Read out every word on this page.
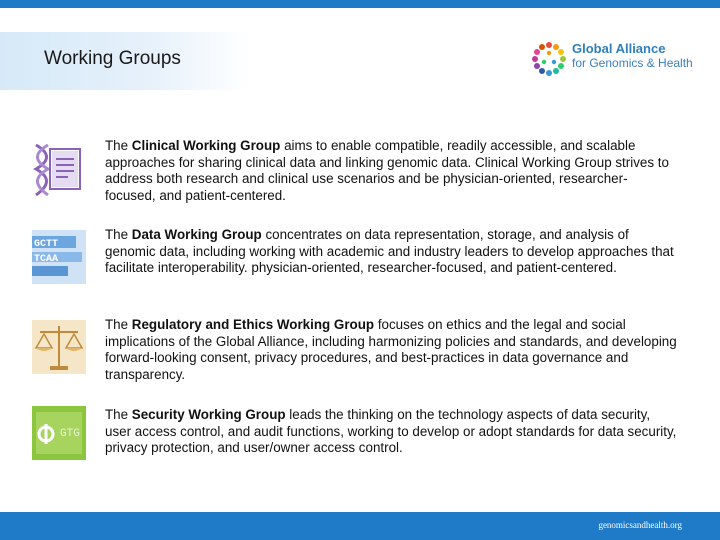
Working Groups	Global Alliance
for Genomics & Health
The Clinical Working Group aims to enable compatible, readily accessible, and scalable approaches for sharing clinical data and linking genomic data. Clinical Working Group strives to address both research and clinical use scenarios and be physician-oriented, researcher-focused, and patient-centered.
GCTT
TCAA
The Data Working Group concentrates on data representation, storage, and analysis of genomic data, including working with academic and industry leaders to develop approaches that facilitate interoperability. physician-oriented, researcher-focused, and patient-centered.
The Regulatory and Ethics Working Group focuses on ethics and the legal and social implications of the Global Alliance, including harmonizing policies and standards, and developing forward-looking consent, privacy procedures, and best-practices in data governance and transparency.
GTG
The Security Working Group leads the thinking on the technology aspects of data security, user access control, and audit functions, working to develop or adopt standards for data security, privacy protection, and user/owner access control.
genomicsandhealth.org
